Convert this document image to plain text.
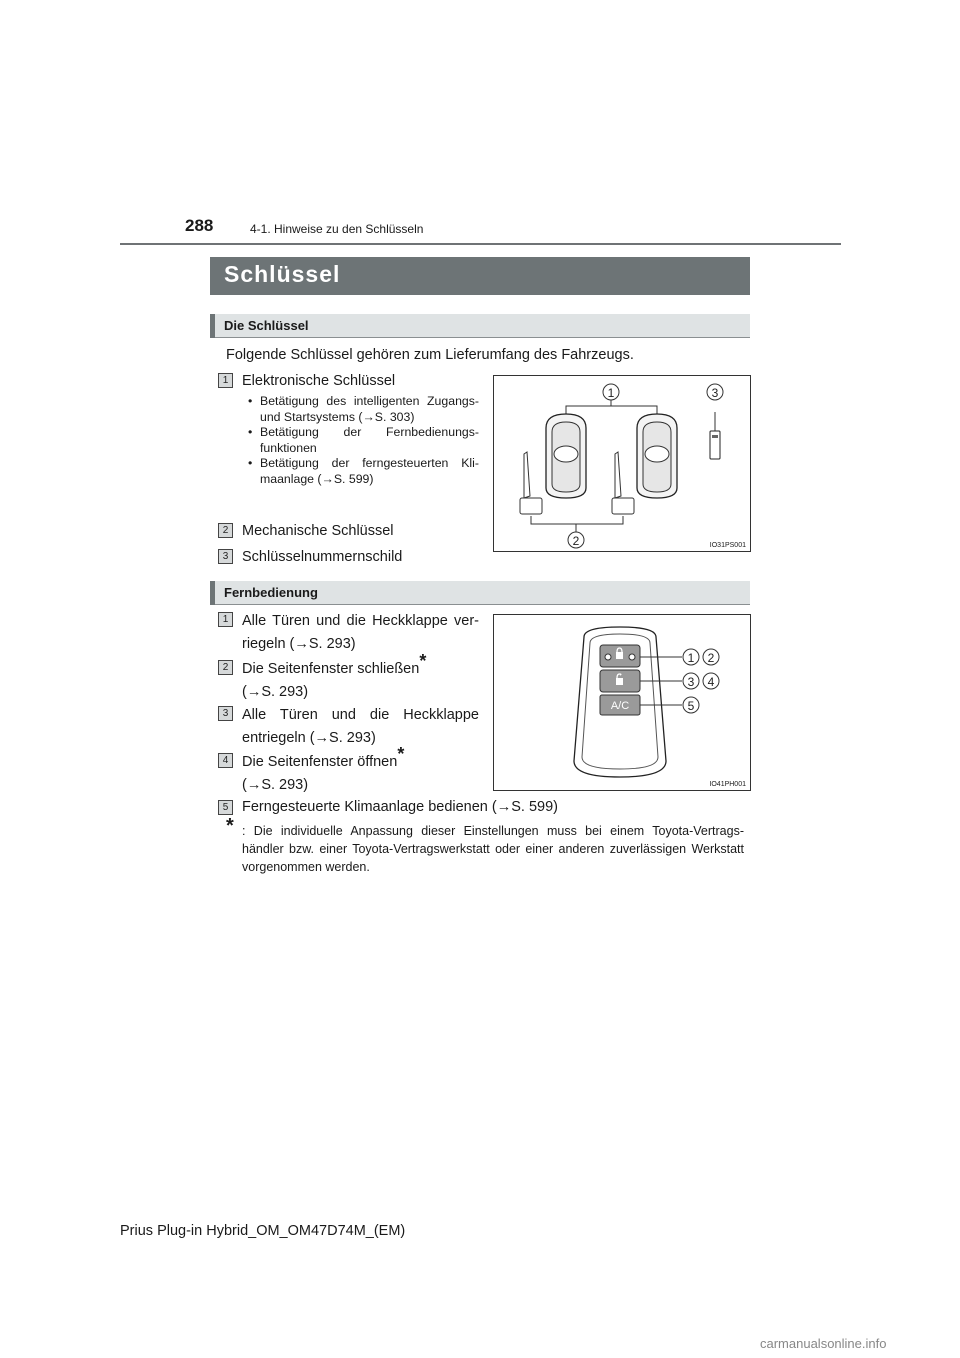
288	4-1. Hinweise zu den Schlüsseln
Schlüssel
Die Schlüssel
Folgende Schlüssel gehören zum Lieferumfang des Fahrzeugs.
1 Elektronische Schlüssel
• Betätigung des intelligenten Zugangs- und Startsystems (→S. 303)
• Betätigung der Fernbedienungs- funktionen
• Betätigung der ferngesteuerten Kli- maanlage (→S. 599)
2 Mechanische Schlüssel
3 Schlüsselnummernschild
1	3
2	IO31PS001
Fernbedienung
1 Alle Türen und die Heckklappe ver- riegeln (→S. 293)
2 Die Seitenfenster schließen*
(→S. 293)
3 Alle Türen und die Heckklappe entriegeln (→S. 293)
4 Die Seitenfenster öffnen*
(→S. 293)
5 Ferngesteuerte Klimaanlage bedienen (→S. 599)
A/C
1 2
3 4
5
IO41PH001
* : Die individuelle Anpassung dieser Einstellungen muss bei einem Toyota-Vertrags- händler bzw. einer Toyota-Vertragswerkstatt oder einer anderen zuverlässigen Werkstatt vorgenommen werden.
Prius Plug-in Hybrid_OM_OM47D74M_(EM)
carmanualsonline.info
